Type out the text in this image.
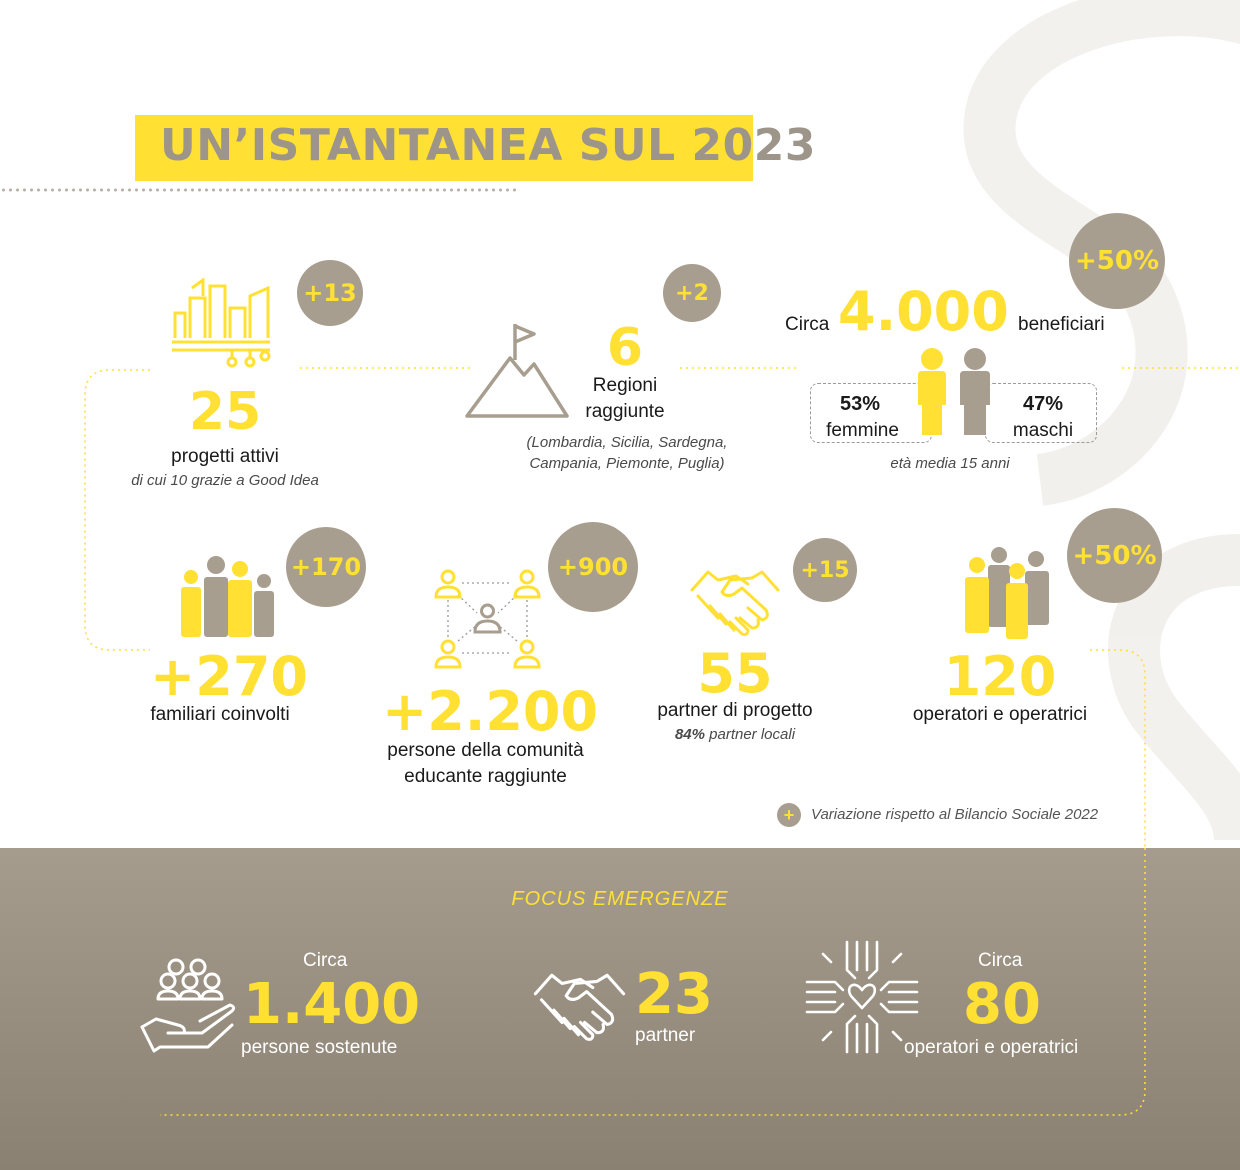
UN’ISTANTANEA SUL 2023
+13
25
progetti attivi
di cui 10 grazie a Good Idea
+2
6
Regioni
raggiunte
(Lombardia, Sicilia, Sardegna,
Campania, Piemonte, Puglia)
+50%
Circa 4.000 beneficiari
53%
femmine
47%
maschi
età media 15 anni
+170
+270
familiari coinvolti
+900
+2.200
persone della comunità
educante raggiunte
+15
55
partner di progetto
84% partner locali
+50%
120
operatori e operatrici
+	Variazione rispetto al Bilancio Sociale 2022
FOCUS EMERGENZE
Circa
1.400
persone sostenute
23
partner
Circa
80
operatori e operatrici
